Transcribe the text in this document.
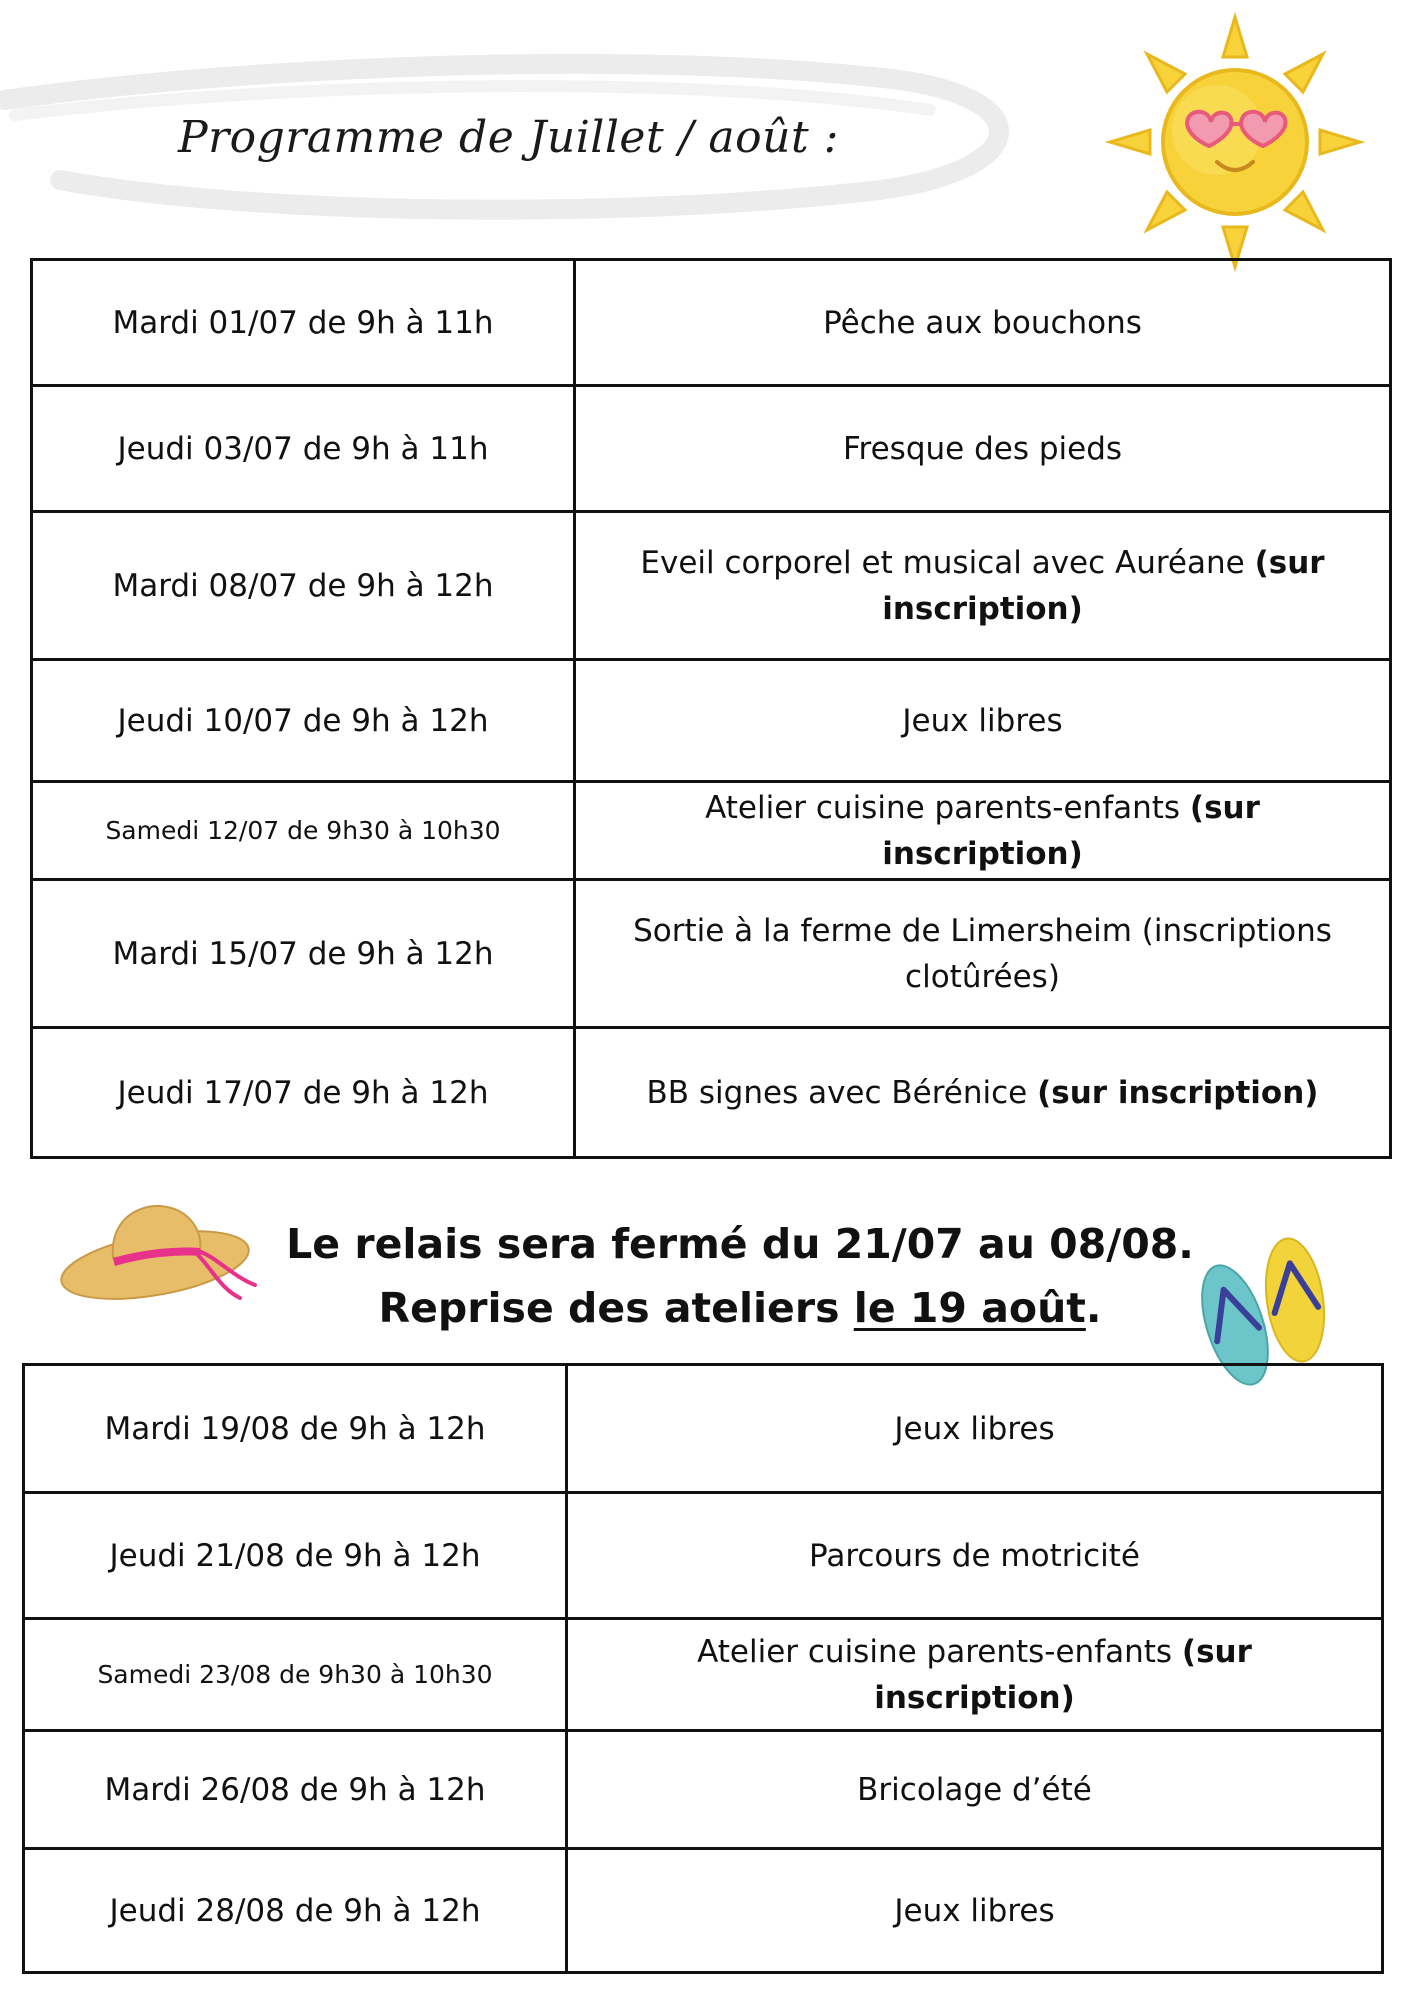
Programme de Juillet / août :
Mardi 01/07 de 9h à 11h	Pêche aux bouchons
Jeudi 03/07 de 9h à 11h	Fresque des pieds
Mardi 08/07 de 9h à 12h	Eveil corporel et musical avec Auréane (sur inscription)
Jeudi 10/07 de 9h à 12h	Jeux libres
Samedi 12/07 de 9h30 à 10h30	Atelier cuisine parents-enfants (sur inscription)
Mardi 15/07 de 9h à 12h	Sortie à la ferme de Limersheim (inscriptions clotûrées)
Jeudi 17/07 de 9h à 12h	BB signes avec Bérénice (sur inscription)
Le relais sera fermé du 21/07 au 08/08.
Reprise des ateliers le 19 août.
Mardi 19/08 de 9h à 12h	Jeux libres
Jeudi 21/08 de 9h à 12h	Parcours de motricité
Samedi 23/08 de 9h30 à 10h30	Atelier cuisine parents-enfants (sur inscription)
Mardi 26/08 de 9h à 12h	Bricolage d’été
Jeudi 28/08 de 9h à 12h	Jeux libres
